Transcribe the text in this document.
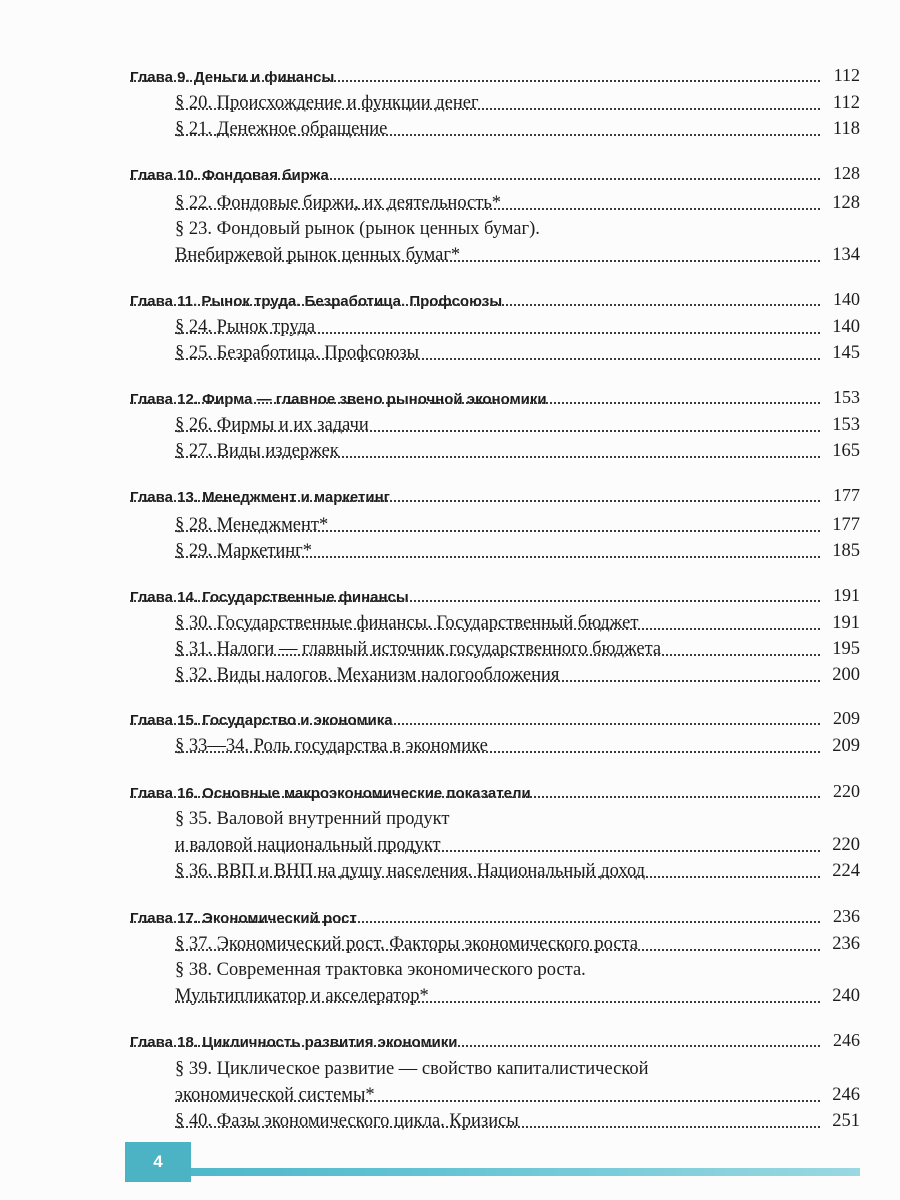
Глава 9. Деньги и финансы	112
§ 20. Происхождение и функции денег	112
§ 21. Денежное обращение	118
Глава 10. Фондовая биржа	128
§ 22. Фондовые биржи, их деятельность*	128
§ 23. Фондовый рынок (рынок ценных бумаг).
Внебиржевой рынок ценных бумаг*	134
Глава 11. Рынок труда. Безработица. Профсоюзы	140
§ 24. Рынок труда	140
§ 25. Безработица. Профсоюзы	145
Глава 12. Фирма — главное звено рыночной экономики	153
§ 26. Фирмы и их задачи	153
§ 27. Виды издержек	165
Глава 13. Менеджмент и маркетинг	177
§ 28. Менеджмент*	177
§ 29. Маркетинг*	185
Глава 14. Государственные финансы	191
§ 30. Государственные финансы. Государственный бюджет	191
§ 31. Налоги — главный источник государственного бюджета	195
§ 32. Виды налогов. Механизм налогообложения	200
Глава 15. Государство и экономика	209
§ 33—34. Роль государства в экономике	209
Глава 16. Основные макроэкономические показатели	220
§ 35. Валовой внутренний продукт
и валовой национальный продукт	220
§ 36. ВВП и ВНП на душу населения. Национальный доход	224
Глава 17. Экономический рост	236
§ 37. Экономический рост. Факторы экономического роста	236
§ 38. Современная трактовка экономического роста.
Мультипликатор и акселератор*	240
Глава 18. Цикличность развития экономики	246
§ 39. Циклическое развитие — свойство капиталистической
экономической системы*	246
§ 40. Фазы экономического цикла. Кризисы	251
4
